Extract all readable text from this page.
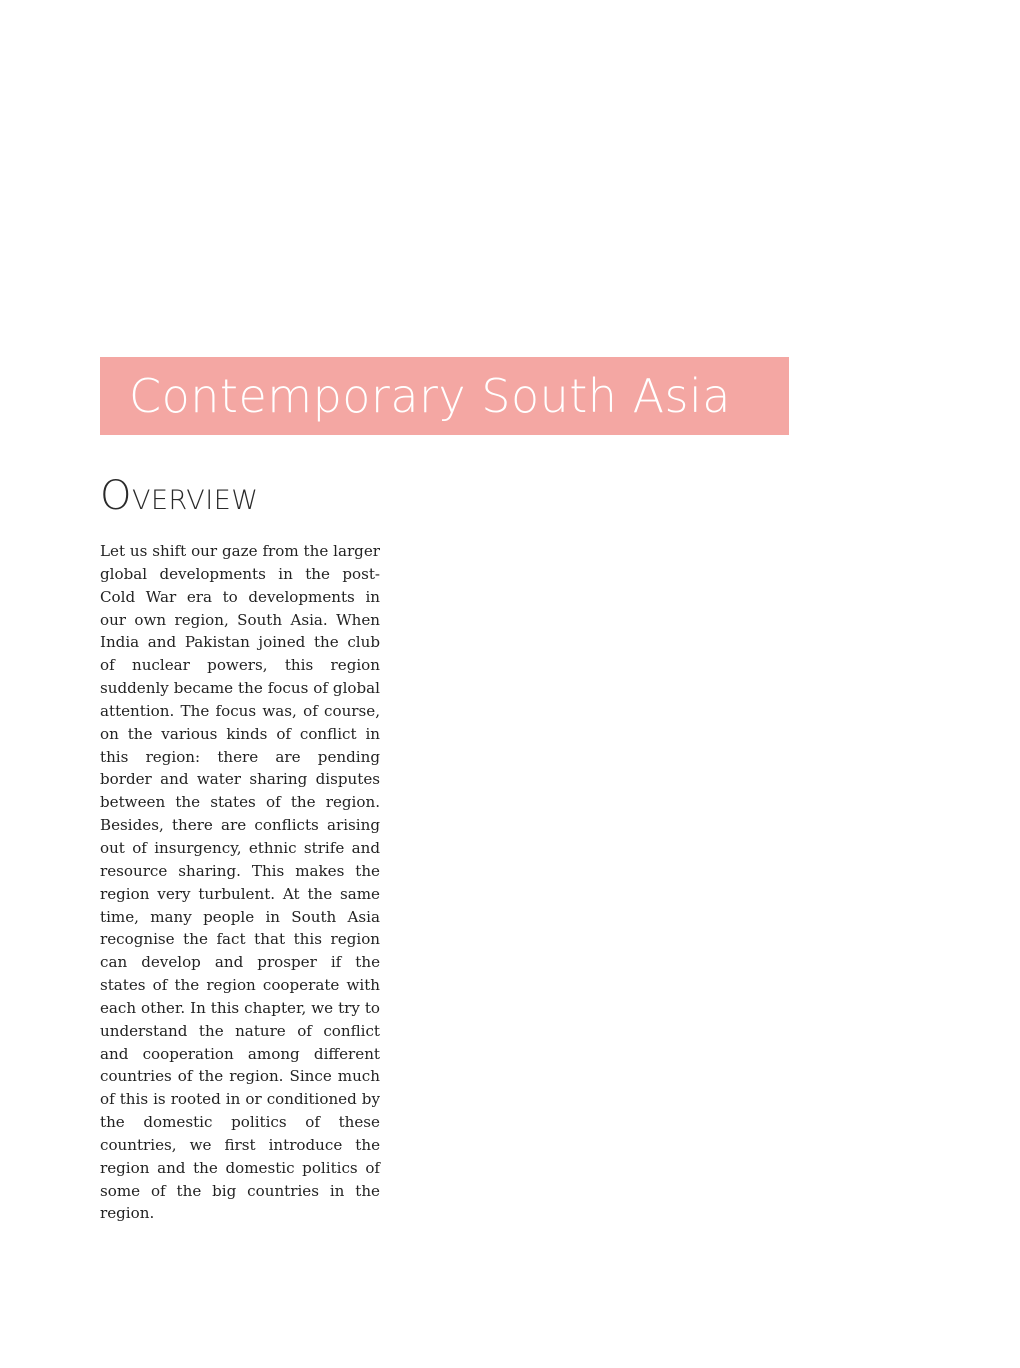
Contemporary South Asia
OVERVIEW

Let us shift our gaze from the larger global developments in the post-Cold War era to developments in our own region, South Asia. When India and Pakistan joined the club of nuclear powers, this region suddenly became the focus of global attention. The focus was, of course, on the various kinds of conflict in this region: there are pending border and water sharing disputes between the states of the region. Besides, there are conflicts arising out of insurgency, ethnic strife and resource sharing. This makes the region very turbulent. At the same time, many people in South Asia recognise the fact that this region can develop and prosper if the states of the region cooperate with each other. In this chapter, we try to understand the nature of conflict and cooperation among different countries of the region. Since much of this is rooted in or conditioned by the domestic politics of these countries, we first introduce the region and the domestic politics of some of the big countries in the region.
